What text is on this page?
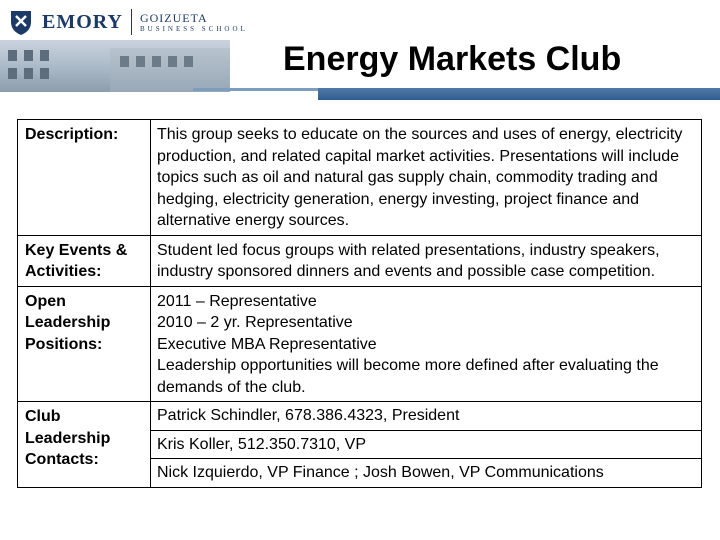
EMORY GOIZUETA
BUSINESS SCHOOL
Energy Markets Club
Description:	This group seeks to educate on the sources and uses of energy, electricity production, and related capital market activities. Presentations will include topics such as oil and natural gas supply chain, commodity trading and hedging, electricity generation, energy investing, project finance and alternative energy sources.
Key Events & Activities:	Student led focus groups with related presentations, industry speakers, industry sponsored dinners and events and possible case competition.
Open Leadership Positions:	2011 – Representative
2010 – 2 yr. Representative
Executive MBA Representative
Leadership opportunities will become more defined after evaluating the demands of the club.

Club Leadership Contacts:	Patrick Schindler, 678.386.4323, President
	Kris Koller, 512.350.7310, VP
	Nick Izquierdo, VP Finance ; Josh Bowen, VP Communications
